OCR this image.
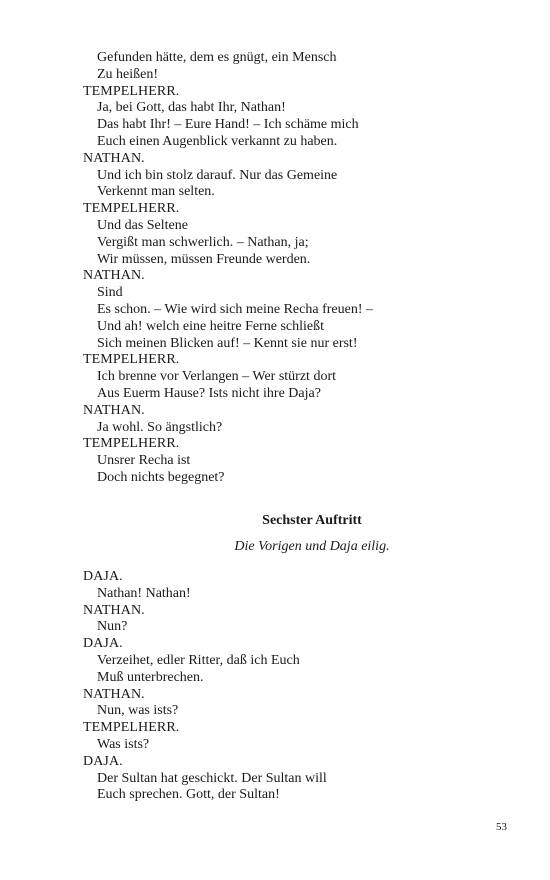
Gefunden hätte, dem es gnügt, ein Mensch
Zu heißen!
TEMPELHERR.
Ja, bei Gott, das habt Ihr, Nathan!
Das habt Ihr! – Eure Hand! – Ich schäme mich
Euch einen Augenblick verkannt zu haben.
NATHAN.
Und ich bin stolz darauf. Nur das Gemeine
Verkennt man selten.
TEMPELHERR.
Und das Seltene
Vergißt man schwerlich. – Nathan, ja;
Wir müssen, müssen Freunde werden.
NATHAN.
Sind
Es schon. – Wie wird sich meine Recha freuen! –
Und ah! welch eine heitre Ferne schließt
Sich meinen Blicken auf! – Kennt sie nur erst!
TEMPELHERR.
Ich brenne vor Verlangen – Wer stürzt dort
Aus Euerm Hause? Ists nicht ihre Daja?
NATHAN.
Ja wohl. So ängstlich?
TEMPELHERR.
Unsrer Recha ist
Doch nichts begegnet?
Sechster Auftritt
Die Vorigen und Daja eilig.
DAJA.
Nathan! Nathan!
NATHAN.
Nun?
DAJA.
Verzeihet, edler Ritter, daß ich Euch
Muß unterbrechen.
NATHAN.
Nun, was ists?
TEMPELHERR.
Was ists?
DAJA.
Der Sultan hat geschickt. Der Sultan will
Euch sprechen. Gott, der Sultan!
53
